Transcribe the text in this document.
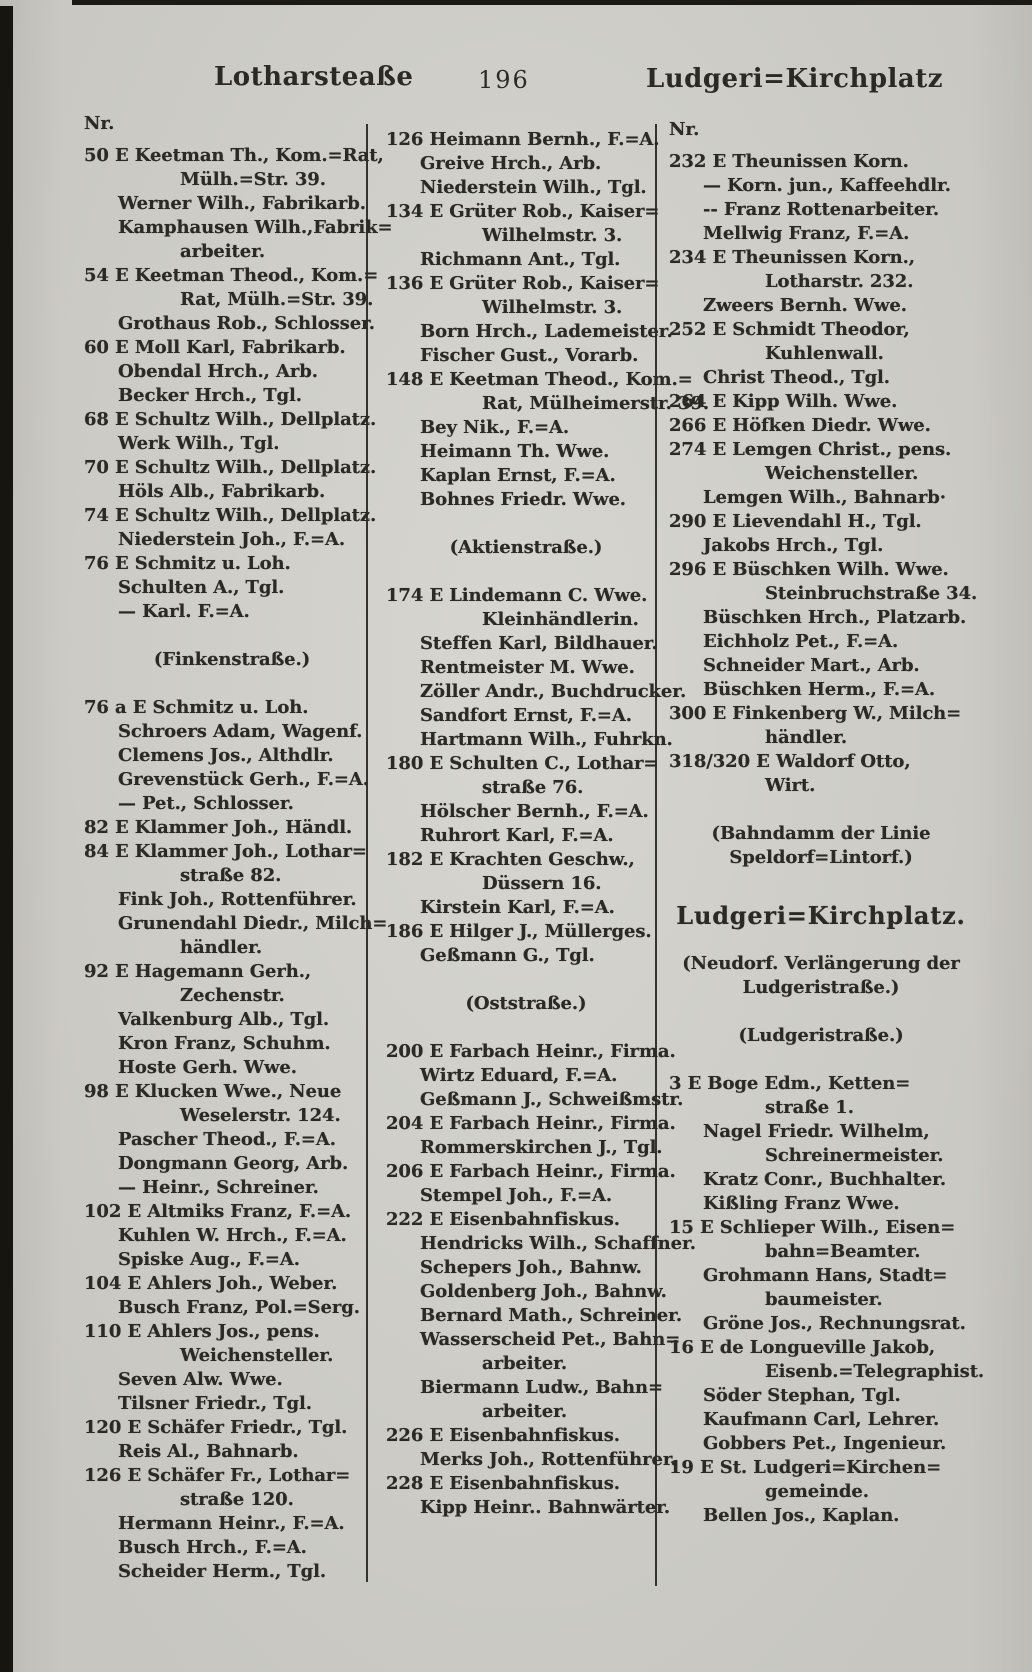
Lotharsteaße	196	Ludgeri=Kirchplatz
Nr.
50 E Keetman Th., Kom.=Rat,
Mülh.=Str. 39.
Werner Wilh., Fabrikarb.
Kamphausen Wilh.,Fabrik=
arbeiter.
54 E Keetman Theod., Kom.=
Rat, Mülh.=Str. 39.
Grothaus Rob., Schlosser.
60 E Moll Karl, Fabrikarb.
Obendal Hrch., Arb.
Becker Hrch., Tgl.
68 E Schultz Wilh., Dellplatz.
Werk Wilh., Tgl.
70 E Schultz Wilh., Dellplatz.
Höls Alb., Fabrikarb.
74 E Schultz Wilh., Dellplatz.
Niederstein Joh., F.=A.
76 E Schmitz u. Loh.
Schulten A., Tgl.
— Karl. F.=A.
(Finkenstraße.)
76 a E Schmitz u. Loh.
Schroers Adam, Wagenf.
Clemens Jos., Althdlr.
Grevenstück Gerh., F.=A.
— Pet., Schlosser.
82 E Klammer Joh., Händl.
84 E Klammer Joh., Lothar=
straße 82.
Fink Joh., Rottenführer.
Grunendahl Diedr., Milch=
händler.
92 E Hagemann Gerh.,
Zechenstr.
Valkenburg Alb., Tgl.
Kron Franz, Schuhm.
Hoste Gerh. Wwe.
98 E Klucken Wwe., Neue
Weselerstr. 124.
Pascher Theod., F.=A.
Dongmann Georg, Arb.
— Heinr., Schreiner.
102 E Altmiks Franz, F.=A.
Kuhlen W. Hrch., F.=A.
Spiske Aug., F.=A.
104 E Ahlers Joh., Weber.
Busch Franz, Pol.=Serg.
110 E Ahlers Jos., pens.
Weichensteller.
Seven Alw. Wwe.
Tilsner Friedr., Tgl.
120 E Schäfer Friedr., Tgl.
Reis Al., Bahnarb.
126 E Schäfer Fr., Lothar=
straße 120.
Hermann Heinr., F.=A.
Busch Hrch., F.=A.
Scheider Herm., Tgl.
126 Heimann Bernh., F.=A.
Greive Hrch., Arb.
Niederstein Wilh., Tgl.
134 E Grüter Rob., Kaiser=
Wilhelmstr. 3.
Richmann Ant., Tgl.
136 E Grüter Rob., Kaiser=
Wilhelmstr. 3.
Born Hrch., Lademeister.
Fischer Gust., Vorarb.
148 E Keetman Theod., Kom.=
Rat, Mülheimerstr. 39.
Bey Nik., F.=A.
Heimann Th. Wwe.
Kaplan Ernst, F.=A.
Bohnes Friedr. Wwe.
(Aktienstraße.)
174 E Lindemann C. Wwe.
Kleinhändlerin.
Steffen Karl, Bildhauer.
Rentmeister M. Wwe.
Zöller Andr., Buchdrucker.
Sandfort Ernst, F.=A.
Hartmann Wilh., Fuhrkn.
180 E Schulten C., Lothar=
straße 76.
Hölscher Bernh., F.=A.
Ruhrort Karl, F.=A.
182 E Krachten Geschw.,
Düssern 16.
Kirstein Karl, F.=A.
186 E Hilger J., Müllerges.
Geßmann G., Tgl.
(Oststraße.)
200 E Farbach Heinr., Firma.
Wirtz Eduard, F.=A.
Geßmann J., Schweißmstr.
204 E Farbach Heinr., Firma.
Rommerskirchen J., Tgl.
206 E Farbach Heinr., Firma.
Stempel Joh., F.=A.
222 E Eisenbahnfiskus.
Hendricks Wilh., Schaffner.
Schepers Joh., Bahnw.
Goldenberg Joh., Bahnw.
Bernard Math., Schreiner.
Wasserscheid Pet., Bahn=
arbeiter.
Biermann Ludw., Bahn=
arbeiter.
226 E Eisenbahnfiskus.
Merks Joh., Rottenführer.
228 E Eisenbahnfiskus.
Kipp Heinr.. Bahnwärter.
Nr.
232 E Theunissen Korn.
— Korn. jun., Kaffeehdlr.
-- Franz Rottenarbeiter.
Mellwig Franz, F.=A.
234 E Theunissen Korn.,
Lotharstr. 232.
Zweers Bernh. Wwe.
252 E Schmidt Theodor,
Kuhlenwall.
Christ Theod., Tgl.
264 E Kipp Wilh. Wwe.
266 E Höfken Diedr. Wwe.
274 E Lemgen Christ., pens.
Weichensteller.
Lemgen Wilh., Bahnarb·
290 E Lievendahl H., Tgl.
Jakobs Hrch., Tgl.
296 E Büschken Wilh. Wwe.
Steinbruchstraße 34.
Büschken Hrch., Platzarb.
Eichholz Pet., F.=A.
Schneider Mart., Arb.
Büschken Herm., F.=A.
300 E Finkenberg W., Milch=
händler.
318/320 E Waldorf Otto,
Wirt.
(Bahndamm der Linie
Speldorf=Lintorf.)
Ludgeri=Kirchplatz.
(Neudorf. Verlängerung der
Ludgeristraße.)
(Ludgeristraße.)
3 E Boge Edm., Ketten=
straße 1.
Nagel Friedr. Wilhelm,
Schreinermeister.
Kratz Conr., Buchhalter.
Kißling Franz Wwe.
15 E Schlieper Wilh., Eisen=
bahn=Beamter.
Grohmann Hans, Stadt=
baumeister.
Gröne Jos., Rechnungsrat.
16 E de Longueville Jakob,
Eisenb.=Telegraphist.
Söder Stephan, Tgl.
Kaufmann Carl, Lehrer.
Gobbers Pet., Ingenieur.
19 E St. Ludgeri=Kirchen=
gemeinde.
Bellen Jos., Kaplan.
